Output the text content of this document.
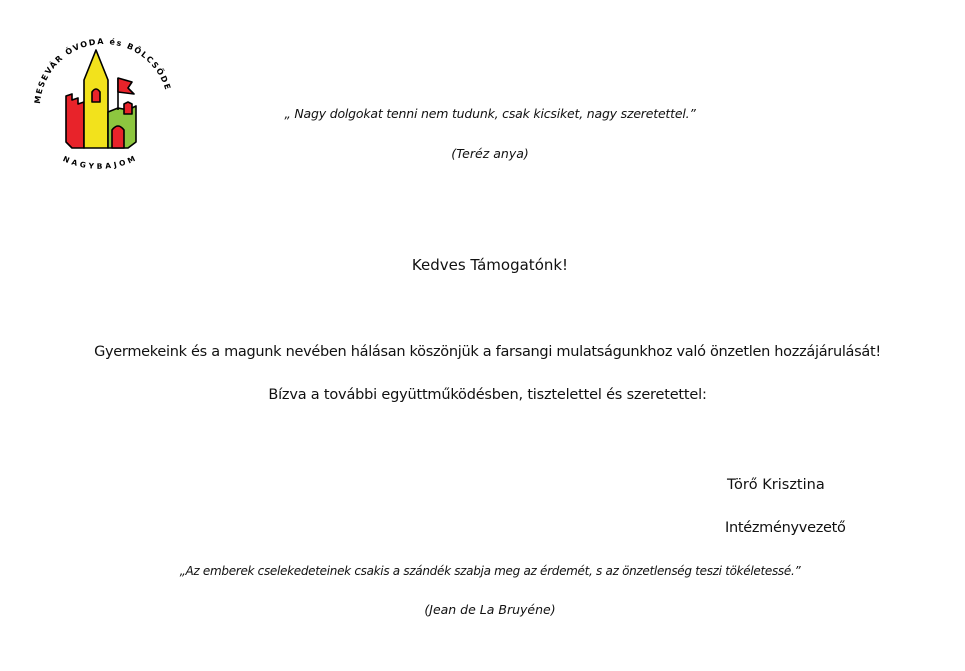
MESEVÁR ÓVODA és BÖLCSŐDE
NAGYBAJOM
„ Nagy dolgokat tenni nem tudunk, csak kicsiket, nagy szeretettel.”
(Teréz anya)
Kedves Támogatónk!
Gyermekeink és a magunk nevében hálásan köszönjük a farsangi mulatságunkhoz való önzetlen hozzájárulását!
Bízva a további együttműködésben, tisztelettel és szeretettel:
Törő Krisztina
Intézményvezető
„Az emberek cselekedeteinek csakis a szándék szabja meg az érdemét, s az önzetlenség teszi tökéletessé.”
(Jean de La Bruyéne)
